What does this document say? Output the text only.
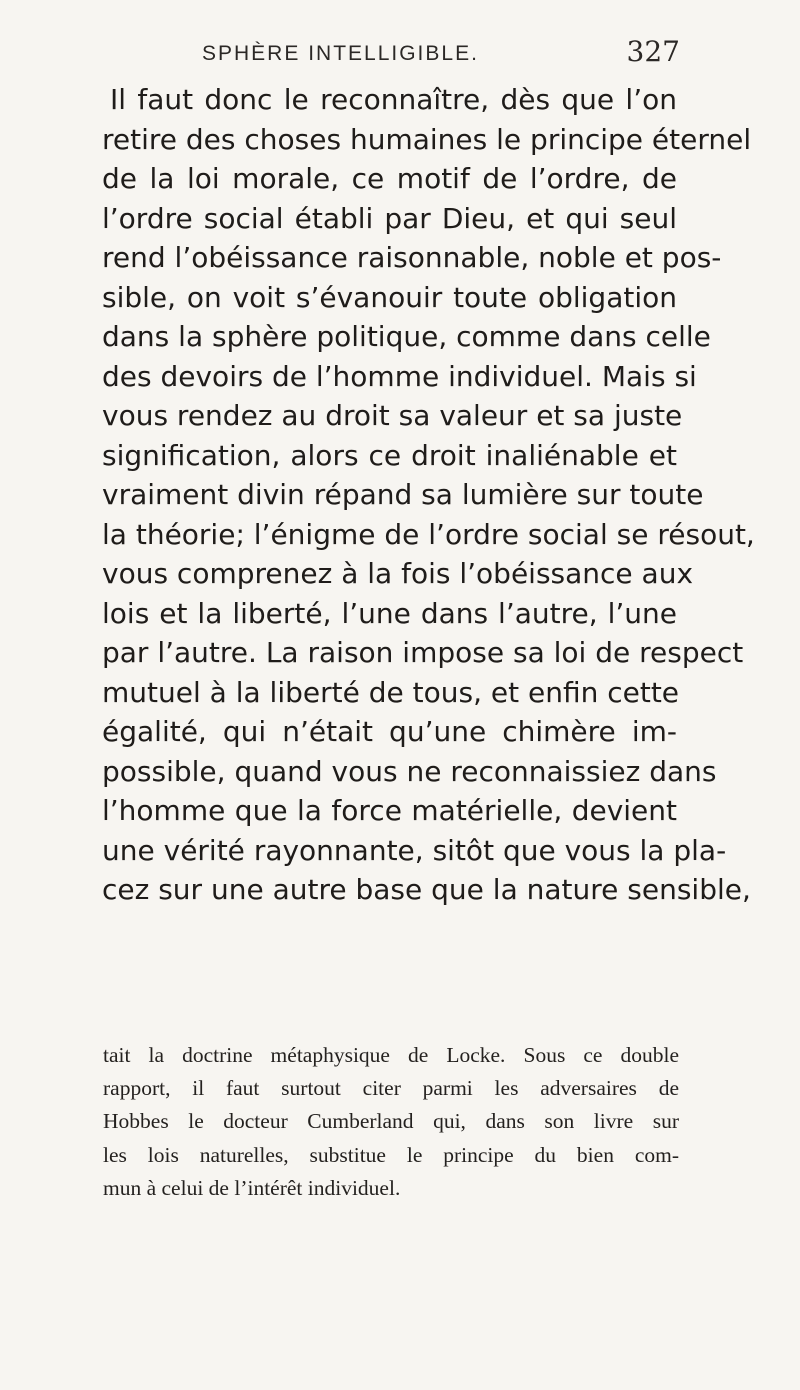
SPHÈRE INTELLIGIBLE.	327
Il faut donc le reconnaître, dès que l’on
retire des choses humaines le principe éternel
de la loi morale, ce motif de l’ordre, de
l’ordre social établi par Dieu, et qui seul
rend l’obéissance raisonnable, noble et pos-
sible, on voit s’évanouir toute obligation
dans la sphère politique, comme dans celle
des devoirs de l’homme individuel. Mais si
vous rendez au droit sa valeur et sa juste
signification, alors ce droit inaliénable et
vraiment divin répand sa lumière sur toute
la théorie; l’énigme de l’ordre social se résout,
vous comprenez à la fois l’obéissance aux
lois et la liberté, l’une dans l’autre, l’une
par l’autre. La raison impose sa loi de respect
mutuel à la liberté de tous, et enfin cette
égalité, qui n’était qu’une chimère im-
possible, quand vous ne reconnaissiez dans
l’homme que la force matérielle, devient
une vérité rayonnante, sitôt que vous la pla-
cez sur une autre base que la nature sensible,
tait la doctrine métaphysique de Locke. Sous ce double
rapport, il faut surtout citer parmi les adversaires de
Hobbes le docteur Cumberland qui, dans son livre sur
les lois naturelles, substitue le principe du bien com-
mun à celui de l’intérêt individuel.
